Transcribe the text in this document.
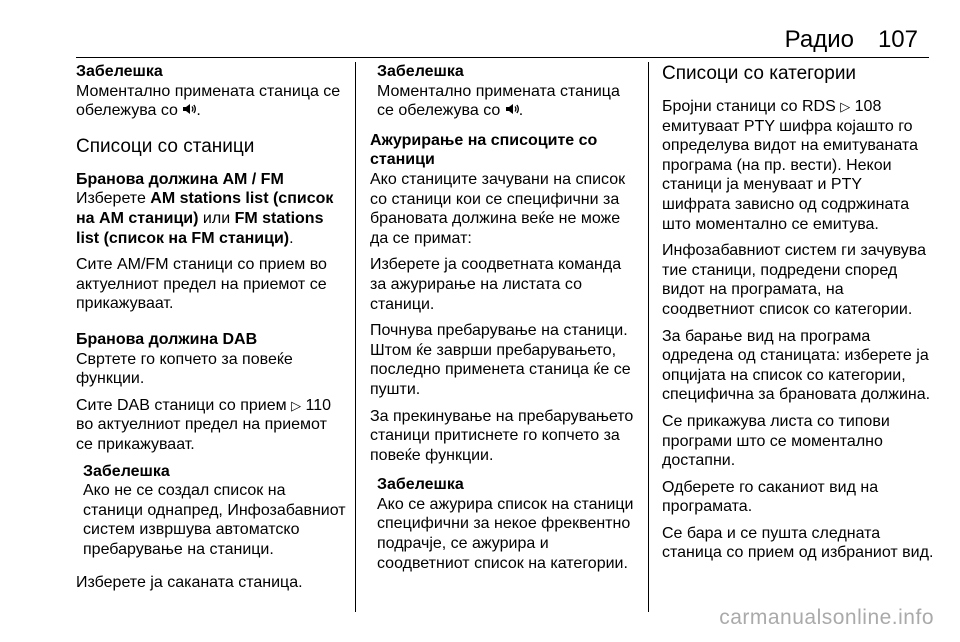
Радио 107
Забелешка
Моментално примената станица се обележува со .
Списоци со станици
Бранова должина AM / FM

Изберете AM stations list (список на AM станици) или FM stations list (список на FM станици).

Сите AM/FM станици со прием во актуелниот предел на приемот се прикажуваат.

Бранова должина DAB

Свртете го копчето за повеќе функции.

Сите DAB станици со прием ▷ 110 во актуелниот предел на приемот се прикажуваат.

Забелешка
Ако не се создал список на станици однапред, Инфозабавниот систем извршува автоматско пребарување на станици.

Изберете ја саканата станица.

Забелешка
Моментално примената станица се обележува со .
Ажурирање на списоците со станици

Ако станиците зачувани на список со станици кои се специфични за брановата должина веќе не може да се примат:

Изберете ја соодветната команда за ажурирање на листата со станици.

Почнува пребарување на станици. Штом ќе заврши пребарувањето, последно применета станица ќе се пушти.

За прекинување на пребарувањето станици притиснете го копчето за повеќе функции.

Забелешка
Ако се ажурира список на станици специфични за некое фреквентно подрачје, се ажурира и соодветниот список на категории.
Списоци со категории

Бројни станици со RDS ▷ 108 емитуваат PTY шифра којашто го определува видот на емитуваната програма (на пр. вести). Некои станици ја менуваат и PTY шифрата зависно од содржината што моментално се емитува.

Инфозабавниот систем ги зачувува тие станици, подредени според видот на програмата, на соодветниот список со категории.

За барање вид на програма одредена од станицата: изберете ја опцијата на список со категории, специфична за брановата должина.

Се прикажува листа со типови програми што се моментално достапни.

Одберете го саканиот вид на програмата.

Се бара и се пушта следната станица со прием од избраниот вид.

carmanualsonline.info
